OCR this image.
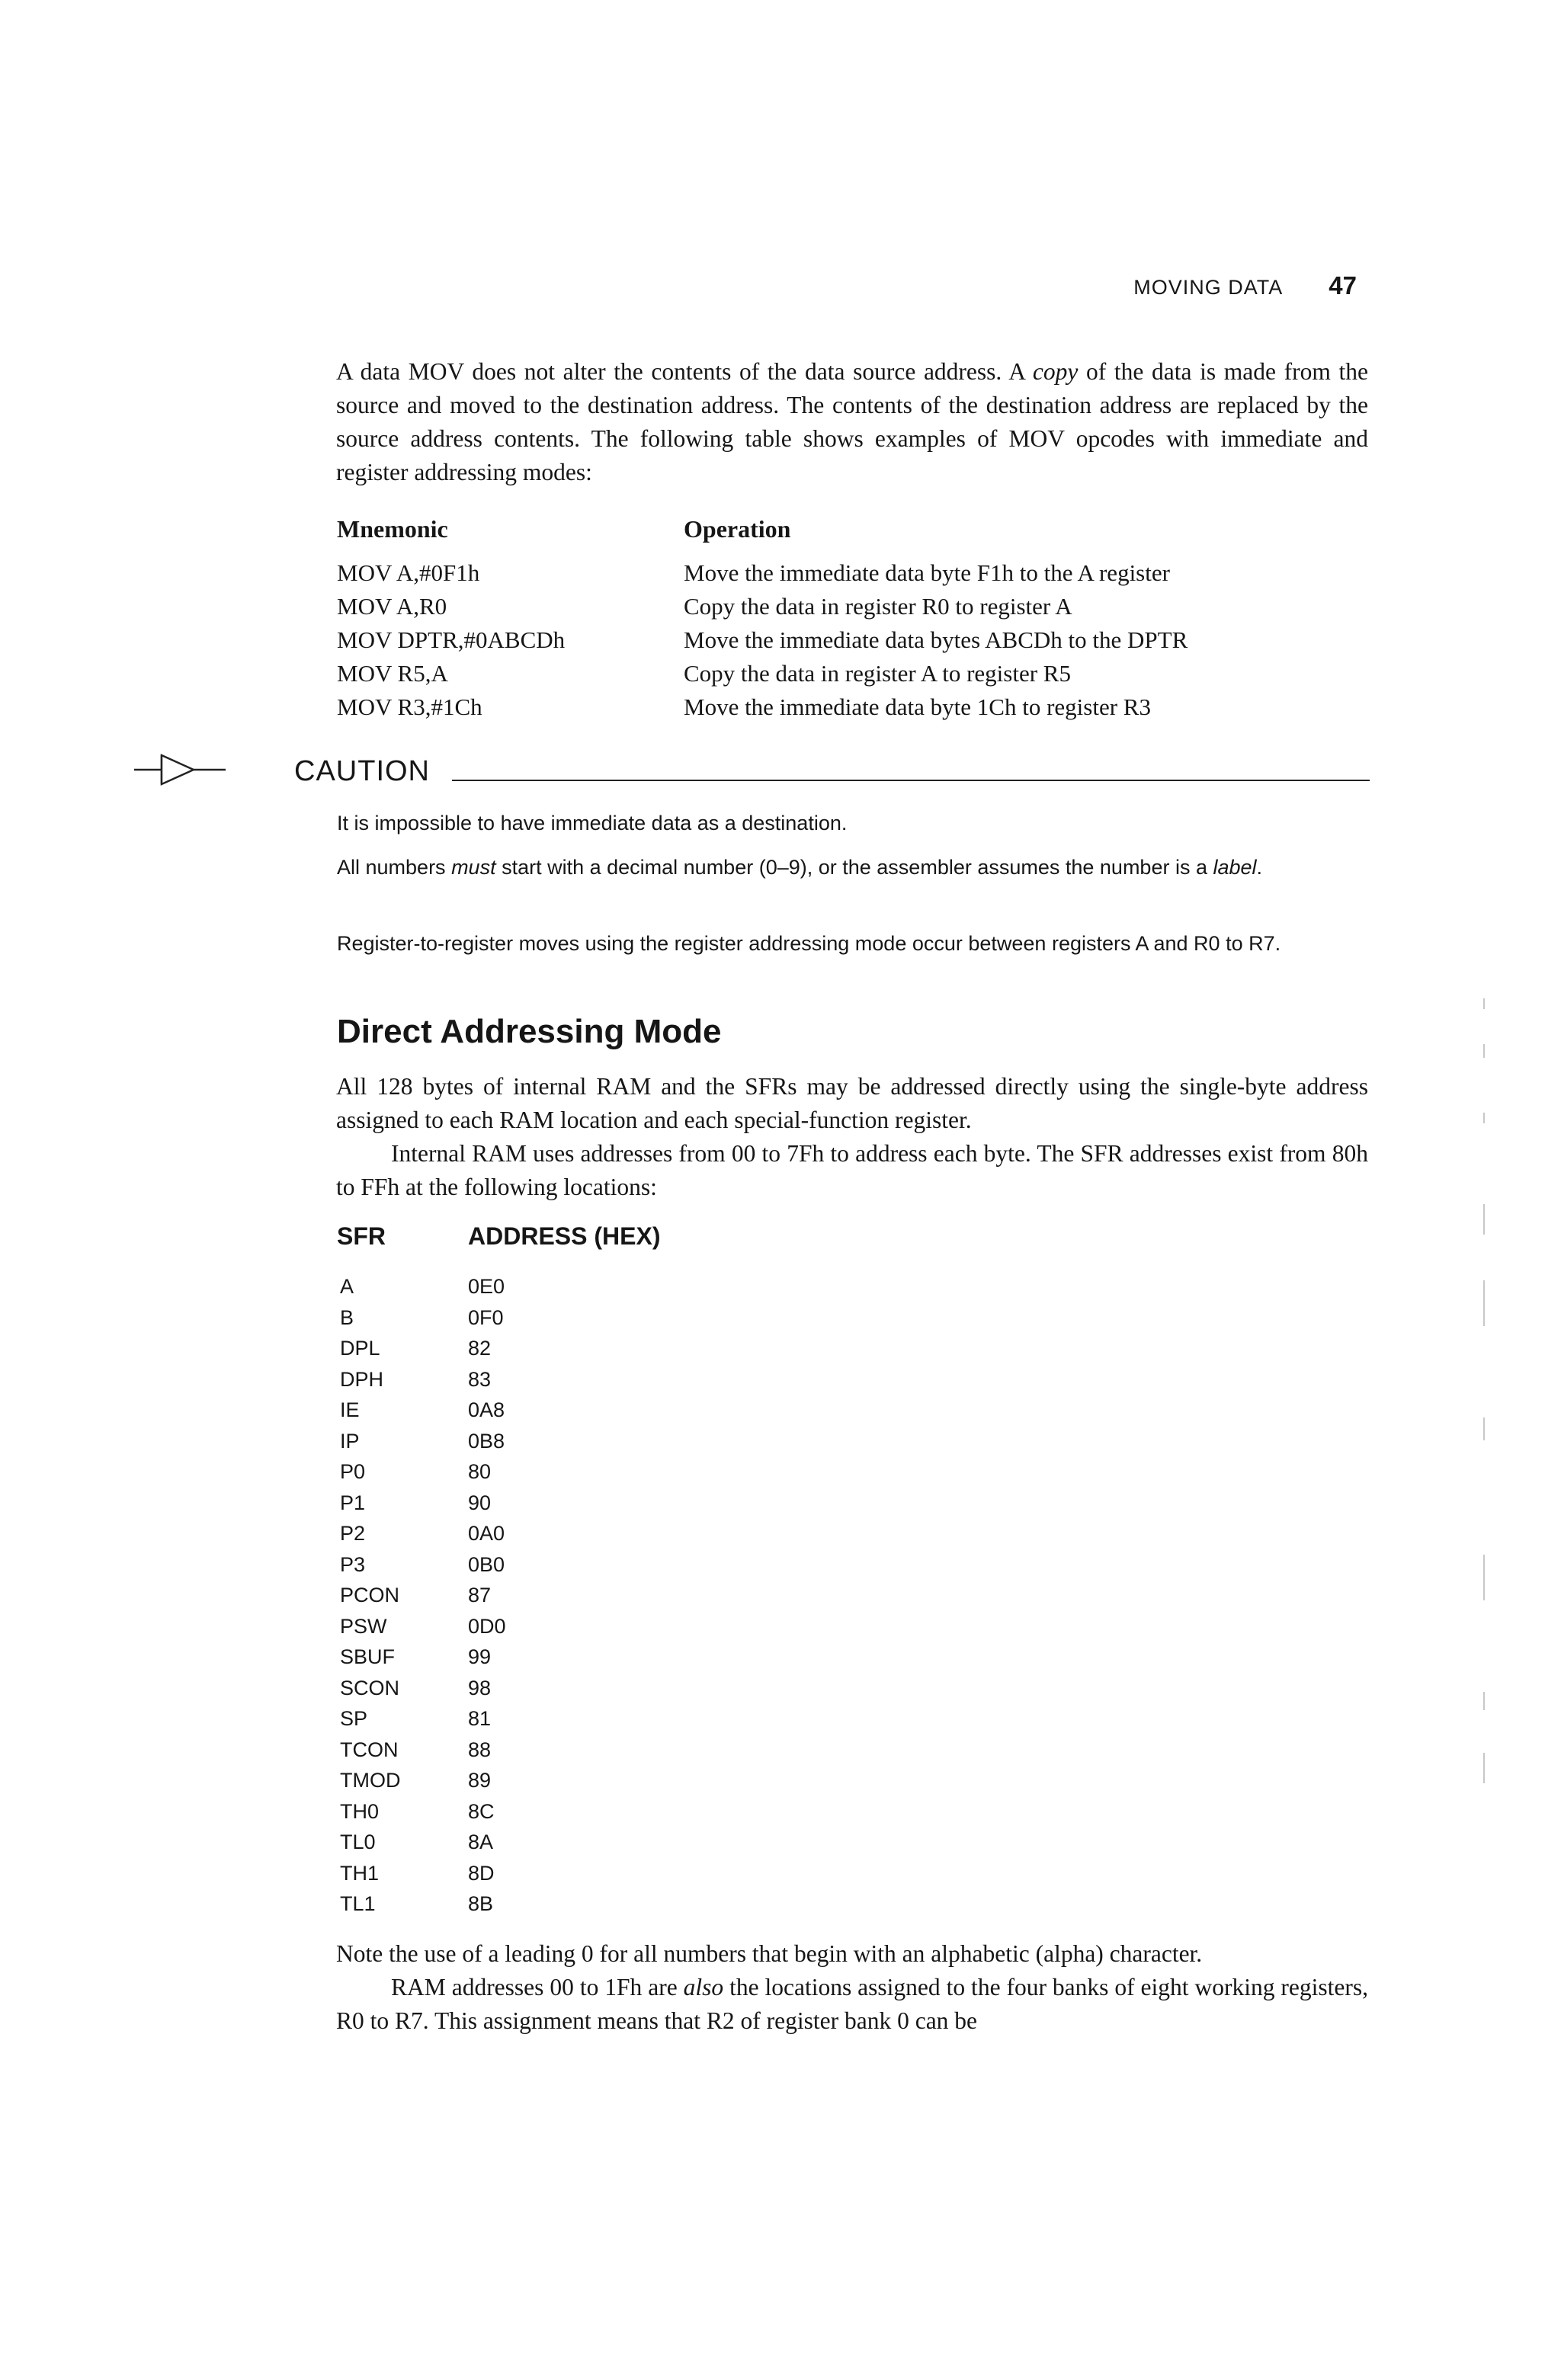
MOVING DATA 47

A data MOV does not alter the contents of the data source address. A copy of the data is made from the source and moved to the destination address. The contents of the destination address are replaced by the source address contents. The following table shows examples of MOV opcodes with immediate and register addressing modes:

Mnemonic	Operation
MOV A,#0F1h	Move the immediate data byte F1h to the A register
MOV A,R0	Copy the data in register R0 to register A
MOV DPTR,#0ABCDh	Move the immediate data bytes ABCDh to the DPTR
MOV R5,A	Copy the data in register A to register R5
MOV R3,#1Ch	Move the immediate data byte 1Ch to register R3
CAUTION

It is impossible to have immediate data as a destination.

All numbers must start with a decimal number (0–9), or the assembler assumes the number is a label.

Register-to-register moves using the register addressing mode occur between registers A and R0 to R7.

Direct Addressing Mode

All 128 bytes of internal RAM and the SFRs may be addressed directly using the single-byte address assigned to each RAM location and each special-function register.

Internal RAM uses addresses from 00 to 7Fh to address each byte. The SFR addresses exist from 80h to FFh at the following locations:

SFR	ADDRESS (HEX)
A	0E0
B	0F0
DPL	82
DPH	83
IE	0A8
IP	0B8
P0	80
P1	90
P2	0A0
P3	0B0
PCON	87
PSW	0D0
SBUF	99
SCON	98
SP	81
TCON	88
TMOD	89
TH0	8C
TL0	8A
TH1	8D
TL1	8B

Note the use of a leading 0 for all numbers that begin with an alphabetic (alpha) character.

RAM addresses 00 to 1Fh are also the locations assigned to the four banks of eight working registers, R0 to R7. This assignment means that R2 of register bank 0 can be
